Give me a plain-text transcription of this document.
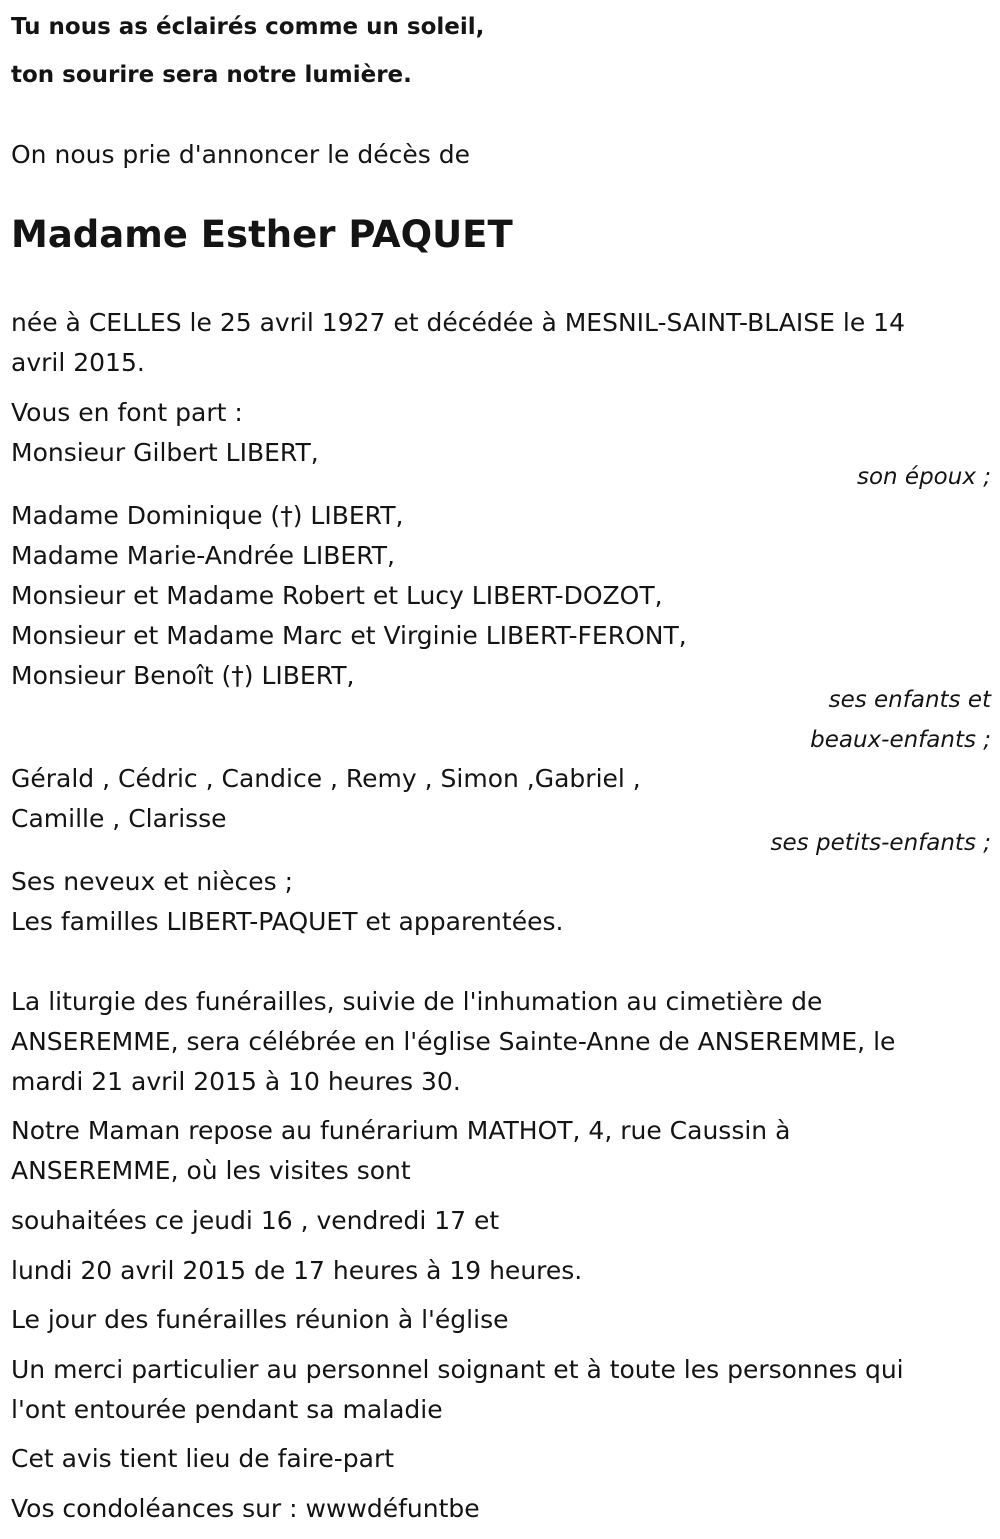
Tu nous as éclairés comme un soleil,
ton sourire sera notre lumière.
On nous prie d'annoncer le décès de
Madame Esther PAQUET
née à CELLES le 25 avril 1927 et décédée à MESNIL-SAINT-BLAISE le 14
avril 2015.
Vous en font part :
Monsieur Gilbert LIBERT,
son époux ;
Madame Dominique (†) LIBERT,
Madame Marie-Andrée LIBERT,
Monsieur et Madame Robert et Lucy LIBERT-DOZOT,
Monsieur et Madame Marc et Virginie LIBERT-FERONT,
Monsieur Benoît (†) LIBERT,
ses enfants et
beaux-enfants ;
Gérald , Cédric , Candice , Remy , Simon ,Gabriel ,
Camille , Clarisse
ses petits-enfants ;
Ses neveux et nièces ;
Les familles LIBERT-PAQUET et apparentées.
La liturgie des funérailles, suivie de l'inhumation au cimetière de
ANSEREMME, sera célébrée en l'église Sainte-Anne de ANSEREMME, le
mardi 21 avril 2015 à 10 heures 30.
Notre Maman repose au funérarium MATHOT, 4, rue Caussin à
ANSEREMME, où les visites sont
souhaitées ce jeudi 16 , vendredi 17 et
lundi 20 avril 2015 de 17 heures à 19 heures.
Le jour des funérailles réunion à l'église
Un merci particulier au personnel soignant et à toute les personnes qui
l'ont entourée pendant sa maladie
Cet avis tient lieu de faire-part
Vos condoléances sur : wwwdéfuntbe
